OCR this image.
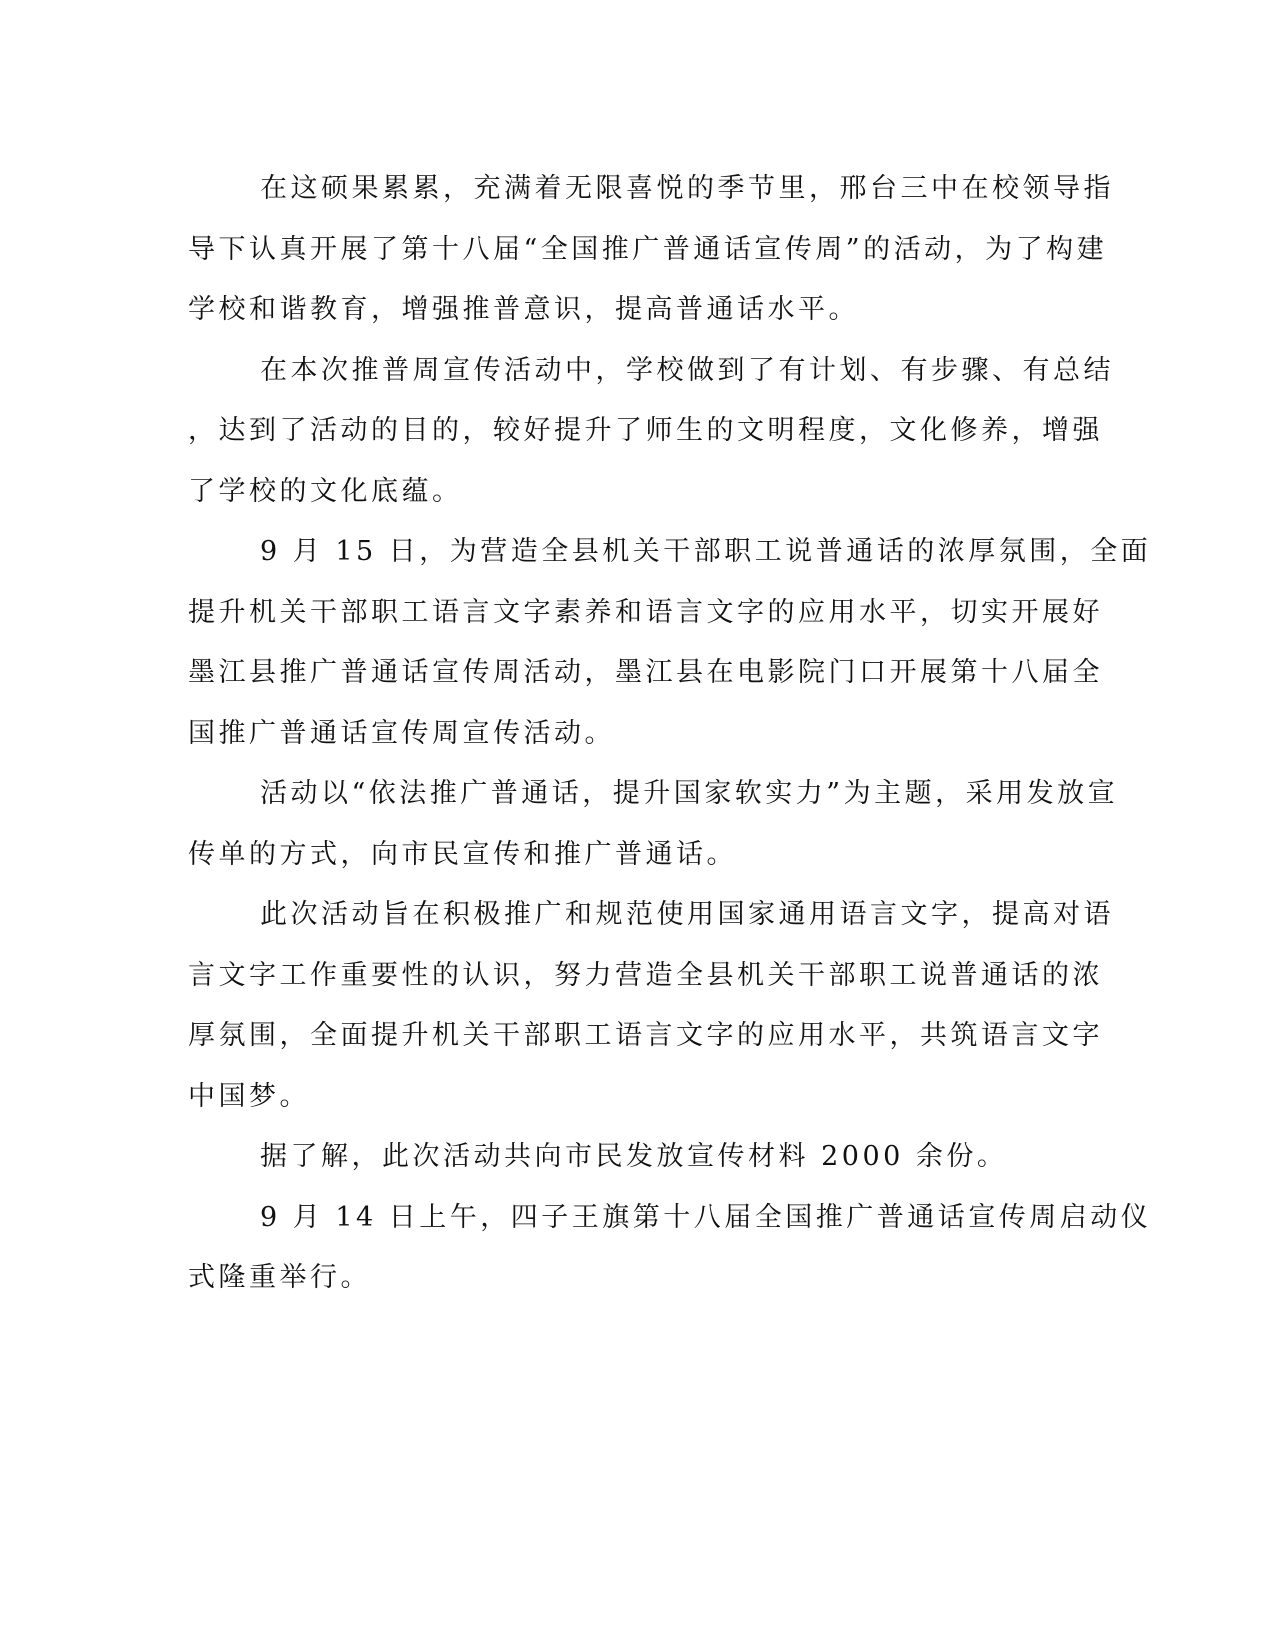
在这硕果累累，充满着无限喜悦的季节里，邢台三中在校领导指
导下认真开展了第十八届“全国推广普通话宣传周”的活动，为了构建
学校和谐教育，增强推普意识，提高普通话水平。
在本次推普周宣传活动中，学校做到了有计划、有步骤、有总结
，达到了活动的目的，较好提升了师生的文明程度，文化修养，增强
了学校的文化底蕴。
9 月 15 日，为营造全县机关干部职工说普通话的浓厚氛围，全面
提升机关干部职工语言文字素养和语言文字的应用水平，切实开展好
墨江县推广普通话宣传周活动，墨江县在电影院门口开展第十八届全
国推广普通话宣传周宣传活动。
活动以“依法推广普通话，提升国家软实力”为主题，采用发放宣
传单的方式，向市民宣传和推广普通话。
此次活动旨在积极推广和规范使用国家通用语言文字，提高对语
言文字工作重要性的认识，努力营造全县机关干部职工说普通话的浓
厚氛围，全面提升机关干部职工语言文字的应用水平，共筑语言文字
中国梦。
据了解，此次活动共向市民发放宣传材料 2000 余份。
9 月 14 日上午，四子王旗第十八届全国推广普通话宣传周启动仪
式隆重举行。
